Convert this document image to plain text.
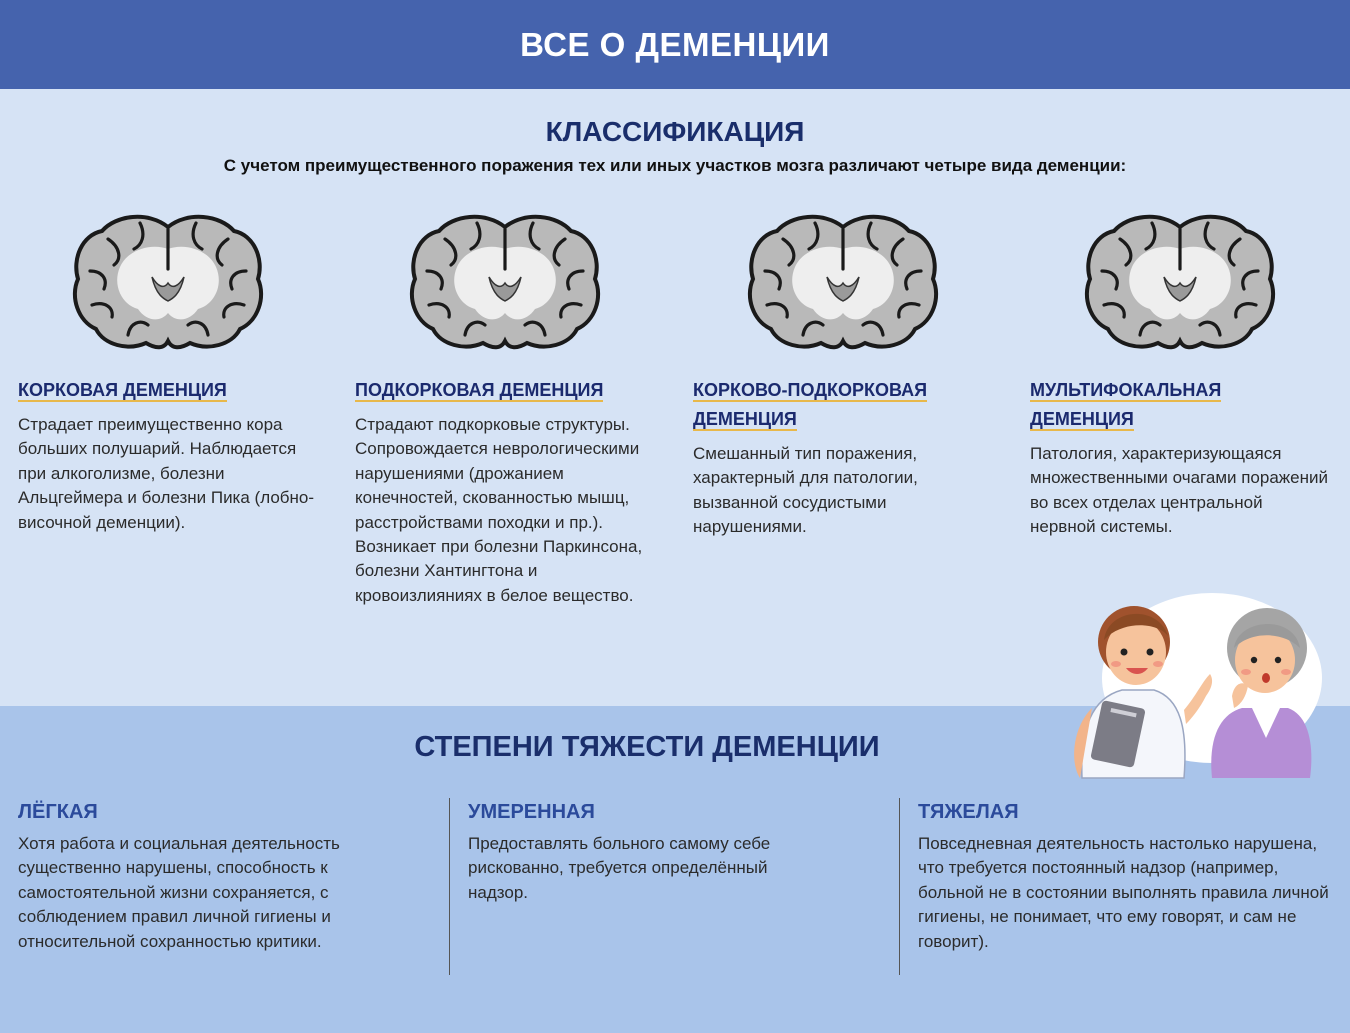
ВСЕ О ДЕМЕНЦИИ
КЛАССИФИКАЦИЯ
С учетом преимущественного поражения тех или иных участков мозга различают четыре вида деменции:
КОРКОВАЯ ДЕМЕНЦИЯ
Страдает преимущественно кора больших полушарий. Наблюдается при алкоголизме, болезни Альцгеймера и болезни Пика (лобно-височной деменции).
ПОДКОРКОВАЯ ДЕМЕНЦИЯ
Страдают подкорковые структуры. Сопровождается неврологическими нарушениями (дрожанием конечностей, скованностью мышц, расстройствами походки и пр.). Возникает при болезни Паркинсона, болезни Хантингтона и кровоизлияниях в белое вещество.
КОРКОВО-ПОДКОРКОВАЯ ДЕМЕНЦИЯ
Смешанный тип поражения, характерный для патологии, вызванной сосудистыми нарушениями.
МУЛЬТИФОКАЛЬНАЯ ДЕМЕНЦИЯ
Патология, характеризующаяся множественными очагами поражений во всех отделах центральной нервной системы.
СТЕПЕНИ ТЯЖЕСТИ ДЕМЕНЦИИ
ЛЁГКАЯ
Хотя работа и социальная деятельность существенно нарушены, способность к самостоятельной жизни сохраняется, с соблюдением правил личной гигиены и относительной сохранностью критики.
УМЕРЕННАЯ
Предоставлять больного самому себе рискованно, требуется определённый надзор.
ТЯЖЕЛАЯ
Повседневная деятельность настолько нарушена, что требуется постоянный надзор (например, больной не в состоянии выполнять правила личной гигиены, не понимает, что ему говорят, и сам не говорит).
